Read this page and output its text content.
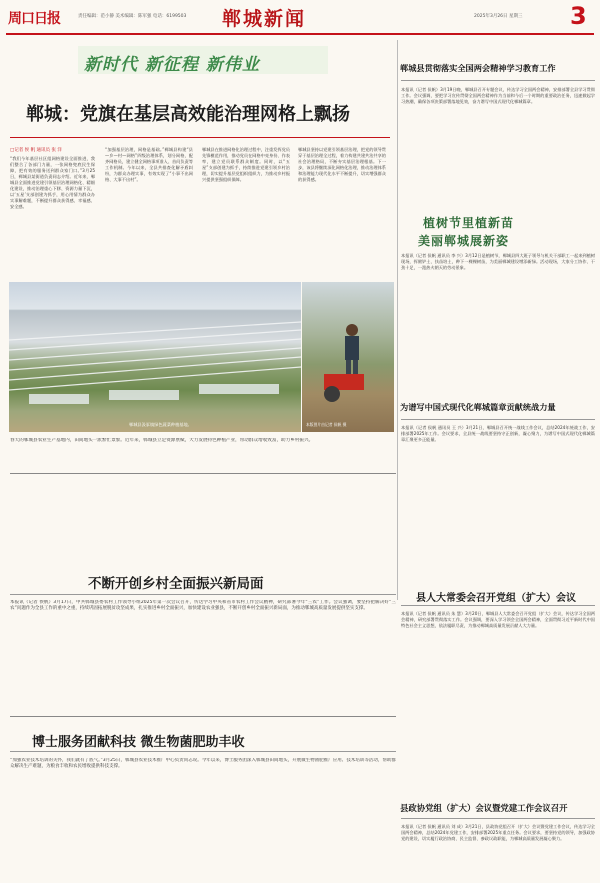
周口日报	责任编辑：范小静 美术编辑：陈军强 电话：6199503 郸城新闻	2025年3月26日 星期三 3
新时代 新征程 新伟业
郸城：党旗在基层高效能治理网格上飘扬
□记者 侯 帆 通讯员 张 洋
“我们今年基层社区组网格建设全面推进，我们整合了各部门力量，一张网格兜底民生保障，把有效的服务送到群众家门口。”3月25日，郸城县某街道负责同志介绍。近年来，郸城县全面推进党建引领基层治理网格化、精细化建设，推动治理重心下移、资源力量下沉，以‘五星’支部创建为抓手，用心用情为群众办实事解难题，不断提升群众获得感、幸福感、安全感。
“加强基层治理，网格是基础。”郸城县构建“县—乡—村—网格”四级治理体系，划分网格，配齐网格员，建立健全网格事项准入、首问负责等工作机制。今年以来，全县共排查化解矛盾纠纷，为群众办理实事，有效实现了“小事不出网格、大事不出村”。
郸城县在推进网格化治理过程中，注重发挥党员先锋模范作用，推动党员在网格中亮身份、作表率，建立党员联系群众制度。同时，以“五星”支部创建为抓手，持续推进党建引领乡村治理，切实提升基层党组织组织力，为推动乡村振兴提供坚强组织保障。
郸城县坚持以党建引领基层治理，把党的领导贯穿于基层治理全过程，着力构建共建共治共享的社会治理格局，不断夯实基层治理根基。下一步，该县将继续深化网格化治理，推动治理体系和治理能力现代化水平不断提升，切实增强群众的获得感。
郸城县汲冢镇绿色蔬菜种植基地。	本版图片由记者 侯帆 摄
春天的郸城县农业生产基地内，田间地头一派繁忙景象。近年来，郸城县立足资源禀赋，大力发展特色种植产业，带动群众增收致富，助力乡村振兴。
郸城县贯彻落实全国两会精神学习教育工作
本报讯（记者 侯帆）3月19日晚，郸城县召开专题会议，传达学习全国两会精神，安排部署全县学习贯彻工作。会议强调，要把学习宣传贯彻全国两会精神作为当前和今后一个时期的重要政治任务，迅速掀起学习热潮，确保各项决策部署落地见效，奋力谱写中国式现代化郸城篇章。
植树节里植新苗
美丽郸城展新姿
本报讯（记者 侯帆 通讯员 李 兴）3月12日是植树节，郸城县四大班子领导与机关干部职工一起来到植树现场，挥锹铲土、扶苗培土，种下一棵棵树苗，为美丽郸城建设增添新绿。活动现场，大家分工协作、干劲十足，一派热火朝天的劳动景象。
为谱写中国式现代化郸城篇章贡献统战力量
本报讯（记者 侯帆 通讯员 王 兴）3月21日，郸城县召开统一战线工作会议，总结2024年统战工作，安排部署2025年工作。会议要求，全县统一战线要坚持守正创新，凝心聚力，为谱写中国式现代化郸城篇章汇聚更多正能量。
不断开创乡村全面振兴新局面
本报讯（记者 侯帆）3月17日，中共郸城县委农村工作领导小组2025年第一次会议召开，传达学习中央和省市农村工作会议精神，研究部署今年“三农”工作。会议强调，要坚持把解决好“三农”问题作为全县工作的重中之重，持续巩固拓展脱贫攻坚成果，扎实推进乡村全面振兴，加快建设农业强县，不断开创乡村全面振兴新局面，为推动郸城高质量发展提供坚实支撑。
县人大常委会召开党组（扩大）会议
本报讯（记者 侯帆 通讯员 朱 慧）3月20日，郸城县人大常委会召开党组（扩大）会议，传达学习全国两会精神，研究部署贯彻落实工作。会议强调，要深入学习领会全国两会精神，全面贯彻习近平新时代中国特色社会主义思想，依法履职尽责，为推动郸城高质量发展贡献人大力量。
博士服务团献科技 微生物菌肥助丰收
“加强农业技术培训的关怀，我们就有了底气。”3月25日，郸城县农业技术推广中心负责同志说。今年以来，博士服务团深入郸城县田间地头，开展微生物菌肥推广应用、技术培训等活动，帮助群众解决生产难题，为粮食丰收和农民增收提供科技支撑。
县政协党组（扩大）会议暨党建工作会议召开
本报讯（记者 侯帆 通讯员 刘 成）3月21日，县政协党组召开（扩大）会议暨党建工作会议，传达学习全国两会精神，总结2024年党建工作，安排部署2025年重点任务。会议要求，要坚持党的领导，加强政协党的建设，切实履行政治协商、民主监督、参政议政职能，为郸城高质量发展凝心聚力。
